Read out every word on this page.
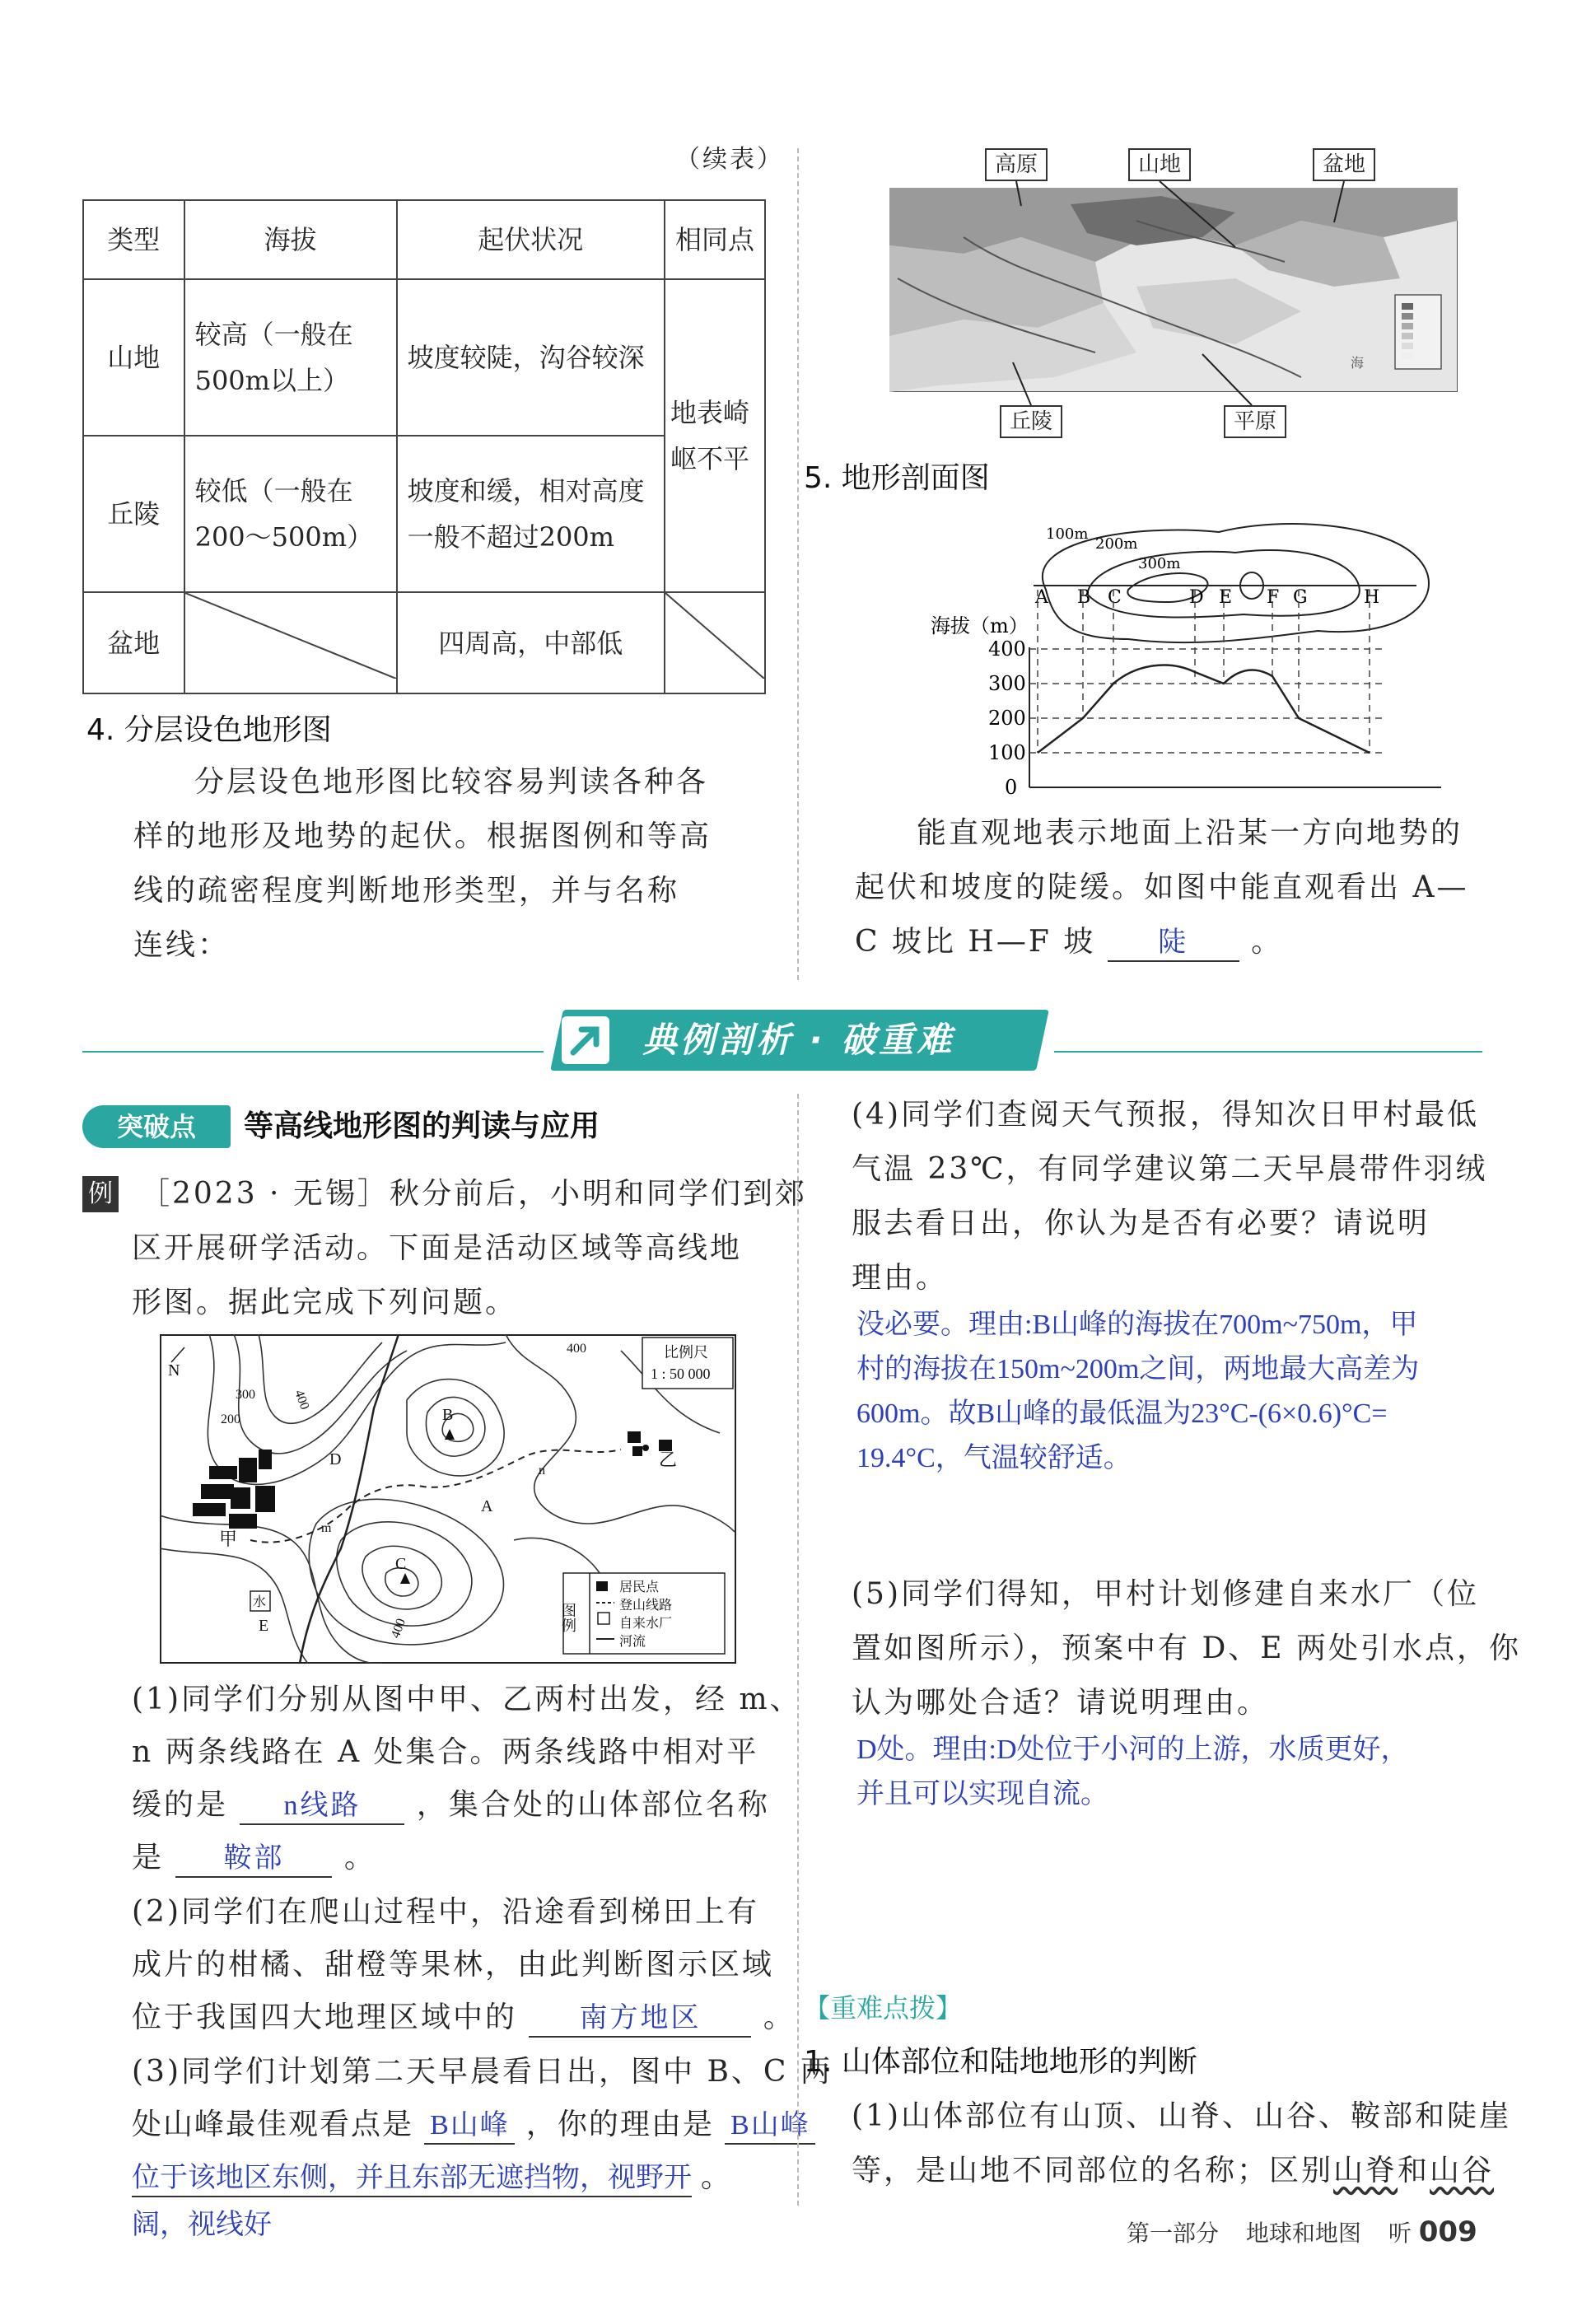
（续表）
类型	海拔	起伏状况	相同点
山地	较高（一般在500m以上）	坡度较陡，沟谷较深	地表崎岖不平
丘陵	较低（一般在200～500m）	坡度和缓，相对高度一般不超过200m	
盆地		四周高，中部低	
4. 分层设色地形图
分层设色地形图比较容易判读各种各
样的地形及地势的起伏。根据图例和等高
线的疏密程度判断地形类型，并与名称
连线：
海
高原	山地	盆地
丘陵	平原
5. 地形剖面图
100m
200m
300m
A B C	D E F G	H
海拔（m）
400
300
200
100
0
能直观地表示地面上沿某一方向地势的
起伏和坡度的陡缓。如图中能直观看出 A—
C 坡比 H—F 坡 陡 。
典例剖析 · 破重难
突破点	等高线地形图的判读与应用
例 ［2023 · 无锡］秋分前后，小明和同学们到郊
区开展研学活动。下面是活动区域等高线地
形图。据此完成下列问题。
N
比例尺
1 : 50 000
400
300
200
400
400
B
A
C
D
E
甲
乙
m
n
水
图例
居民点
登山线路
自来水厂
河流
(1)同学们分别从图中甲、乙两村出发，经 m、
n 两条线路在 A 处集合。两条线路中相对平
缓的是 n线路 ，集合处的山体部位名称
是 鞍部 。
(2)同学们在爬山过程中，沿途看到梯田上有
成片的柑橘、甜橙等果林，由此判断图示区域
位于我国四大地理区域中的 南方地区 。
(3)同学们计划第二天早晨看日出，图中 B、C 两
处山峰最佳观看点是 B山峰 ，你的理由是 B山峰
位于该地区东侧，并且东部无遮挡物，视野开 。
阔，视线好
(4)同学们查阅天气预报，得知次日甲村最低
气温 23℃，有同学建议第二天早晨带件羽绒
服去看日出，你认为是否有必要？请说明
理由。
没必要。理由:B山峰的海拔在700m~750m，甲
村的海拔在150m~200m之间，两地最大高差为
600m。故B山峰的最低温为23°C-(6×0.6)°C=
19.4°C，气温较舒适。
(5)同学们得知，甲村计划修建自来水厂（位
置如图所示），预案中有 D、E 两处引水点，你
认为哪处合适？请说明理由。
D处。理由:D处位于小河的上游，水质更好，
并且可以实现自流。
【重难点拨】
1. 山体部位和陆地地形的判断
(1)山体部位有山顶、山脊、山谷、鞍部和陡崖
等，是山地不同部位的名称；区别山脊和山谷
第一部分 地球和地图 听 009
